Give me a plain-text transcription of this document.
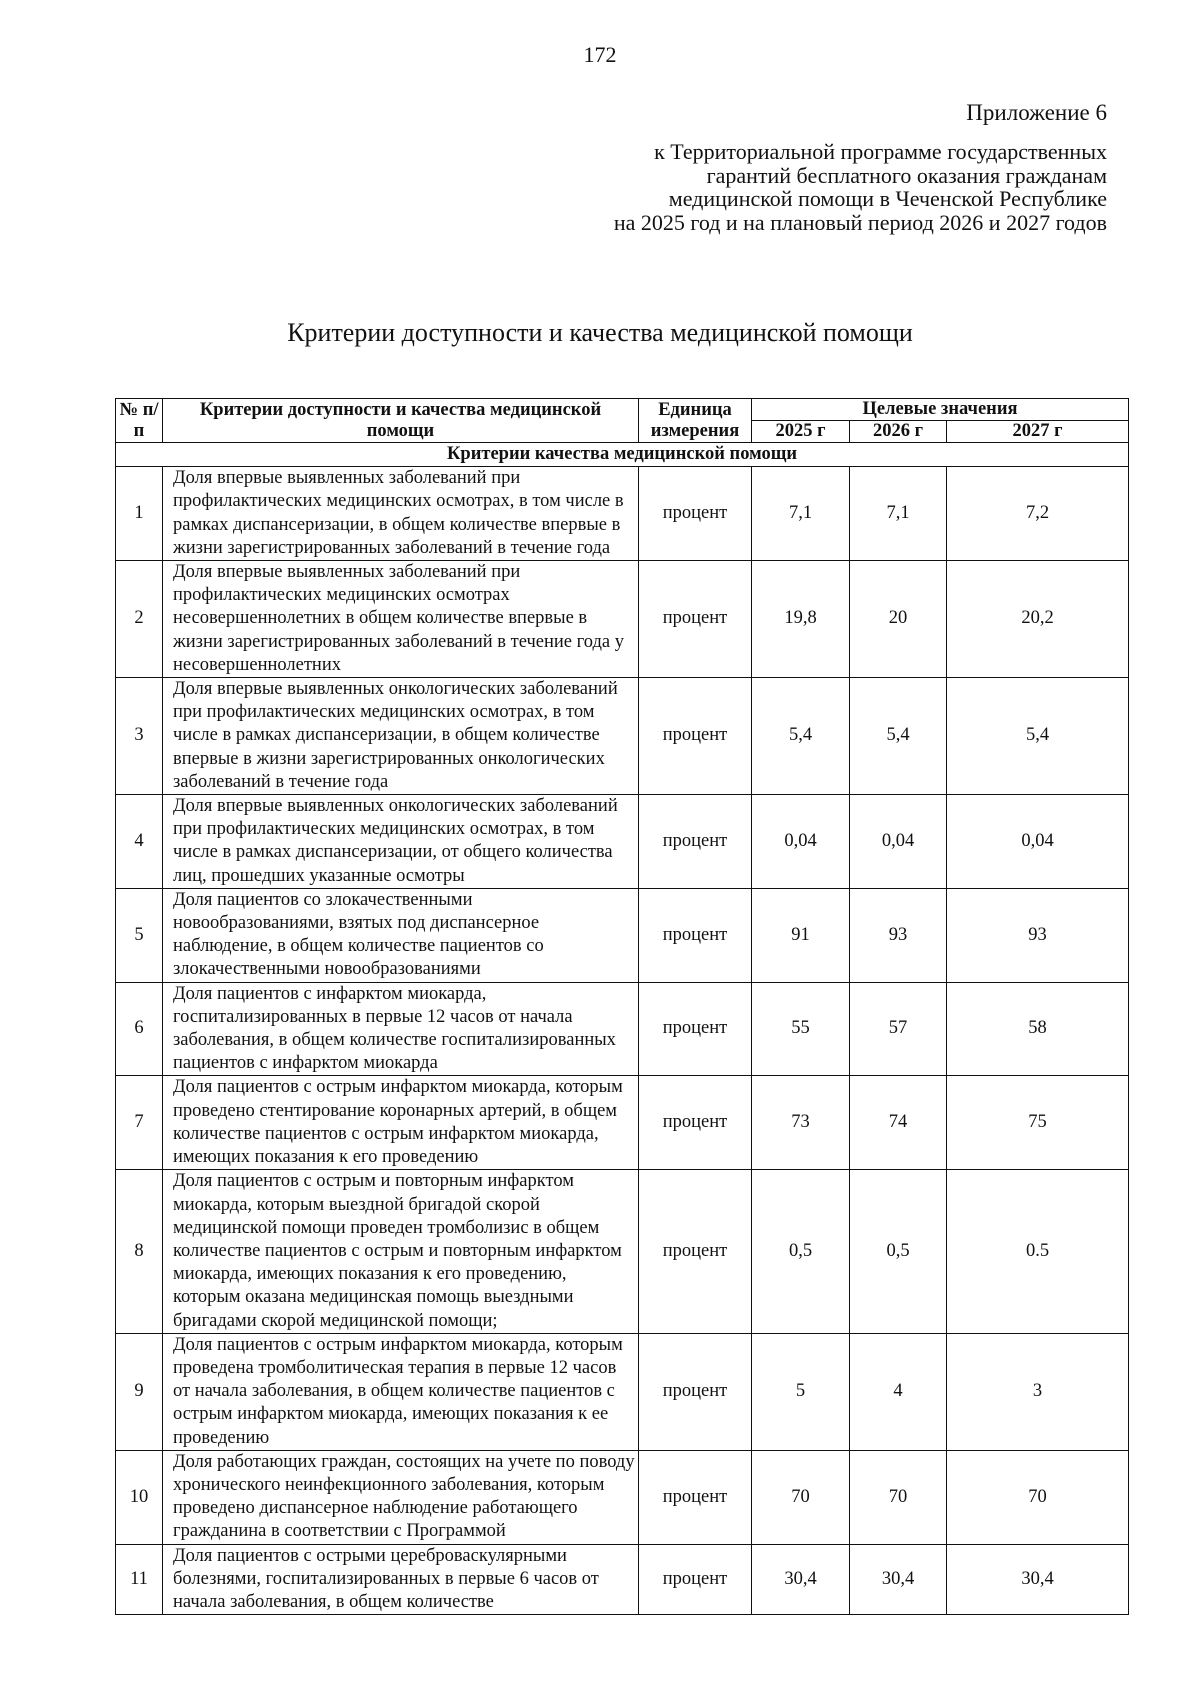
172
Приложение 6
к Территориальной программе государственных
гарантий бесплатного оказания гражданам
медицинской помощи в Чеченской Республике
на 2025 год и на плановый период 2026 и 2027 годов
Критерии доступности и качества медицинской помощи
№ п/п	Критерии доступности и качества медицинской помощи	Единица измерения	Целевые значения		
			2025 г	2026 г	2027 г
Критерии качества медицинской помощи					
1	Доля впервые выявленных заболеваний при профилактических медицинских осмотрах, в том числе в рамках диспансеризации, в общем количестве впервые в жизни зарегистрированных заболеваний в течение года	процент	7,1	7,1	7,2
2	Доля впервые выявленных заболеваний при профилактических медицинских осмотрах несовершеннолетних в общем количестве впервые в жизни зарегистрированных заболеваний в течение года у несовершеннолетних	процент	19,8	20	20,2
3	Доля впервые выявленных онкологических заболеваний при профилактических медицинских осмотрах, в том числе в рамках диспансеризации, в общем количестве впервые в жизни зарегистрированных онкологических заболеваний в течение года	процент	5,4	5,4	5,4
4	Доля впервые выявленных онкологических заболеваний при профилактических медицинских осмотрах, в том числе в рамках диспансеризации, от общего количества лиц, прошедших указанные осмотры	процент	0,04	0,04	0,04
5	Доля пациентов со злокачественными новообразованиями, взятых под диспансерное наблюдение, в общем количестве пациентов со злокачественными новообразованиями	процент	91	93	93
6	Доля пациентов с инфарктом миокарда, госпитализированных в первые 12 часов от начала заболевания, в общем количестве госпитализированных пациентов с инфарктом миокарда	процент	55	57	58
7	Доля пациентов с острым инфарктом миокарда, которым проведено стентирование коронарных артерий, в общем количестве пациентов с острым инфарктом миокарда, имеющих показания к его проведению	процент	73	74	75
8	Доля пациентов с острым и повторным инфарктом миокарда, которым выездной бригадой скорой медицинской помощи проведен тромболизис в общем количестве пациентов с острым и повторным инфарктом миокарда, имеющих показания к его проведению, которым оказана медицинская помощь выездными бригадами скорой медицинской помощи;	процент	0,5	0,5	0.5
9	Доля пациентов с острым инфарктом миокарда, которым проведена тромболитическая терапия в первые 12 часов от начала заболевания, в общем количестве пациентов с острым инфарктом миокарда, имеющих показания к ее проведению	процент	5	4	3
10	Доля работающих граждан, состоящих на учете по поводу хронического неинфекционного заболевания, которым проведено диспансерное наблюдение работающего гражданина в соответствии с Программой	процент	70	70	70
11	Доля пациентов с острыми цереброваскулярными болезнями, госпитализированных в первые 6 часов от начала заболевания, в общем количестве	процент	30,4	30,4	30,4
